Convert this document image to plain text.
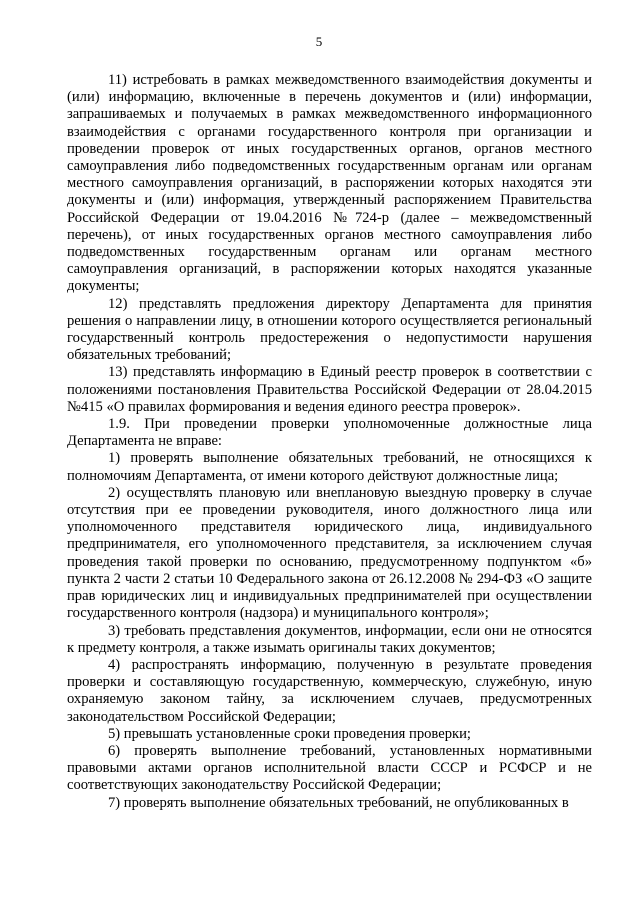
5

11) истребовать в рамках межведомственного взаимодействия документы и (или) информацию, включенные в перечень документов и (или) информации, запрашиваемых и получаемых в рамках межведомственного информационного взаимодействия с органами государственного контроля при организации и проведении проверок от иных государственных органов, органов местного самоуправления либо подведомственных государственным органам или органам местного самоуправления организаций, в распоряжении которых находятся эти документы и (или) информация, утвержденный распоряжением Правительства Российской Федерации от 19.04.2016 №724-р (далее – межведомственный перечень), от иных государственных органов местного самоуправления либо подведомственных государственным органам или органам местного самоуправления организаций, в распоряжении которых находятся указанные документы;

12) представлять предложения директору Департамента для принятия решения о направлении лицу, в отношении которого осуществляется региональный государственный контроль предостережения о недопустимости нарушения обязательных требований;

13) представлять информацию в Единый реестр проверок в соответствии с положениями постановления Правительства Российской Федерации от 28.04.2015 №415 «О правилах формирования и ведения единого реестра проверок».

1.9. При проведении проверки уполномоченные должностные лица Департамента не вправе:

1) проверять выполнение обязательных требований, не относящихся к полномочиям Департамента, от имени которого действуют должностные лица;

2) осуществлять плановую или внеплановую выездную проверку в случае отсутствия при ее проведении руководителя, иного должностного лица или уполномоченного представителя юридического лица, индивидуального предпринимателя, его уполномоченного представителя, за исключением случая проведения такой проверки по основанию, предусмотренному подпунктом «б» пункта 2 части 2 статьи 10 Федерального закона от 26.12.2008 № 294-ФЗ «О защите прав юридических лиц и индивидуальных предпринимателей при осуществлении государственного контроля (надзора) и муниципального контроля»;

3) требовать представления документов, информации, если они не относятся к предмету контроля, а также изымать оригиналы таких документов;

4) распространять информацию, полученную в результате проведения проверки и составляющую государственную, коммерческую, служебную, иную охраняемую законом тайну, за исключением случаев, предусмотренных законодательством Российской Федерации;

5) превышать установленные сроки проведения проверки;

6) проверять выполнение требований, установленных нормативными правовыми актами органов исполнительной власти СССР и РСФСР и не соответствующих законодательству Российской Федерации;

7) проверять выполнение обязательных требований, не опубликованных в
